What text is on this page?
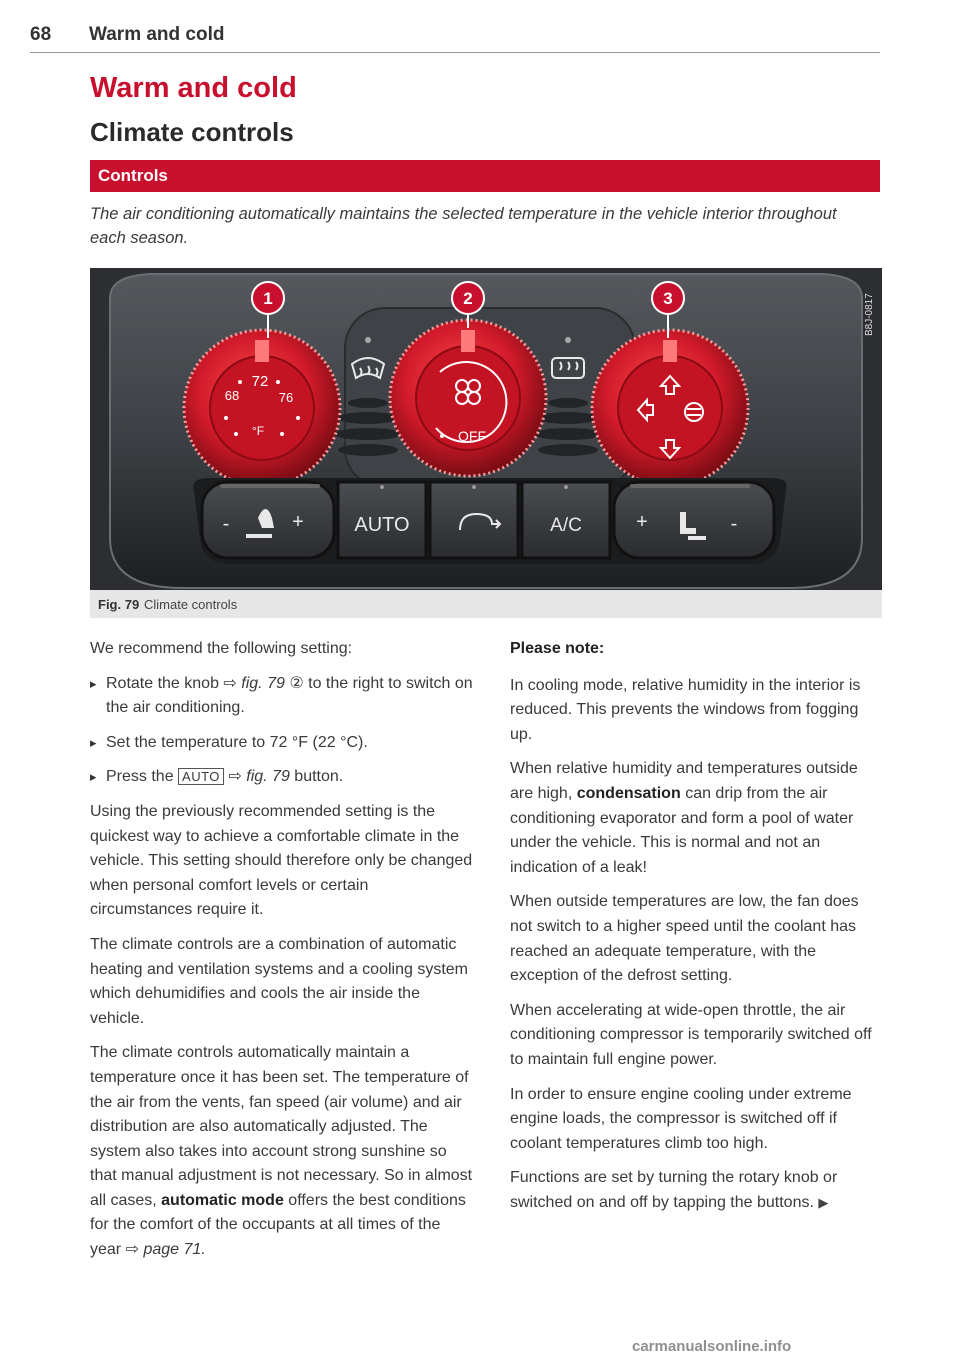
68 Warm and cold
Warm and cold
Climate controls
Controls
The air conditioning automatically maintains the selected temperature in the vehicle interior throughout each season.
72
68	76
°F	OFF
1	2	3
-	+	AUTO	A/C	+	-
B8J-0817
Fig. 79 Climate controls

We recommend the following setting:

▸ Rotate the knob ⇨ fig. 79 ② to the right to switch on the air conditioning.

▸ Set the temperature to 72 °F (22 °C).

▸ Press the AUTO ⇨ fig. 79 button.

Using the previously recommended setting is the quickest way to achieve a comfortable climate in the vehicle. This setting should therefore only be changed when personal comfort levels or certain circumstances require it.

The climate controls are a combination of automatic heating and ventilation systems and a cooling system which dehumidifies and cools the air inside the vehicle.

The climate controls automatically maintain a temperature once it has been set. The temperature of the air from the vents, fan speed (air volume) and air distribution are also automatically adjusted. The system also takes into account strong sunshine so that manual adjustment is not necessary. So in almost all cases, automatic mode offers the best conditions for the comfort of the occupants at all times of the year ⇨ page 71.

Please note:

In cooling mode, relative humidity in the interior is reduced. This prevents the windows from fogging up.

When relative humidity and temperatures outside are high, condensation can drip from the air conditioning evaporator and form a pool of water under the vehicle. This is normal and not an indication of a leak!

When outside temperatures are low, the fan does not switch to a higher speed until the coolant has reached an adequate temperature, with the exception of the defrost setting.

When accelerating at wide-open throttle, the air conditioning compressor is temporarily switched off to maintain full engine power.

In order to ensure engine cooling under extreme engine loads, the compressor is switched off if coolant temperatures climb too high.

Functions are set by turning the rotary knob or switched on and off by tapping the buttons. ▶

carmanualsonline.info
